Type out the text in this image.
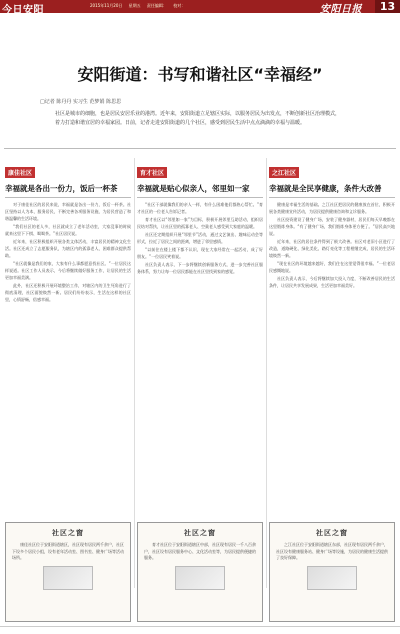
今日安阳	2015年11月20日 星期五 责任编辑： 校对：	安阳日报	13
安阳街道：书写和谐社区“幸福经”
□记者 陈丹丹 实习生 范梦娟 陈思思

社区是城市的细胞，也是居民安居乐业的港湾。近年来，安阳街道立足辖区实际，以服务居民为出发点，不断创新社区治理模式，

着力打造和谐宜居的幸福家园。日前，记者走进安阳街道的几个社区，感受到居民生活中点点滴滴的幸福与温暖。

康佳社区
幸福就是各出一份力，饭后一杯茶

对于康佳社区的居民来说，幸福就是各出一份力，饭后一杯茶。社区坚持以人为本，服务居民，不断完善各项服务设施，为居民营造了和谐温馨的生活环境。

“我们社区的老人多，社区就成立了老年活动室，大家没事的时候就来这里下下棋、喝喝茶。”社区居民说。

近年来，社区积极组织开展各类文体活动，丰富居民的精神文化生活。社区还成立了志愿服务队，为辖区内的孤寡老人、困难群众提供帮助。

“社区就像是我们的家，大家有什么事都愿意找社区。”一位居民这样说道。社区工作人员表示，今后将继续做好服务工作，让居民的生活更加幸福美满。

此外，社区还积极开展环境整治工作，对辖区内的卫生死角进行了彻底清理，社区面貌焕然一新。居民们纷纷表示，生活在这样的社区里，心情舒畅，倍感幸福。

育才社区
幸福就是贴心似亲人，邻里如一家

“社区干部就像我们的亲人一样，有什么困难他们都热心帮忙。”育才社区的一位老人告诉记者。

育才社区以“邻里如一家”为目标，积极开展邻里互助活动，组织居民结对帮扶，让社区里的孤寡老人、空巢老人感受到大家庭的温暖。

社区还定期组织开展“邻里节”活动，通过文艺演出、趣味运动会等形式，拉近了居民之间的距离，增进了邻里感情。

“以前住在楼上楼下都不认识，现在大家经常在一起活动，成了好朋友。”一位居民笑着说。

社区负责人表示，下一步将继续创新服务方式，进一步完善社区服务体系，努力让每一位居民都能在社区里找到家的感觉。

之江社区
幸福就是全民享健康，条件大改善

健康是幸福生活的基础。之江社区把居民的健康放在首位，积极开展各类健康宣传活动，为居民提供健康咨询和义诊服务。

社区投资建设了健身广场，安装了健身器材，居民们每天早晚都在这里锻炼身体。“有了健身广场，我们锻炼身体更方便了。”居民高兴地说。

近年来，社区的居住条件得到了极大改善。社区对老旧小区进行了改造，道路硬化、绿化美化、路灯亮化等工程相继完成，居民的生活环境焕然一新。

“现在社区的环境越来越好，我们住在这里觉得很幸福。”一位老居民感慨地说。

社区负责人表示，今后将继续加大投入力度，不断改善居民的生活条件，让居民共享发展成果，生活更加幸福美好。

社区之窗
康佳社区位于安阳街道辖区，社区现有居民两千余户，社区下设多个居民小组，设有老年活动室、图书室、健身广场等活动场所。
社区之窗
育才社区位于安阳街道辖区中部，社区现有居民一千八百余户，社区设有居民服务中心、文化活动室等，为居民提供便捷的服务。
社区之窗
之江社区位于安阳街道辖区东部，社区现有居民两千余户，社区设有健康服务站、健身广场等设施，为居民的健康生活提供了良好保障。
